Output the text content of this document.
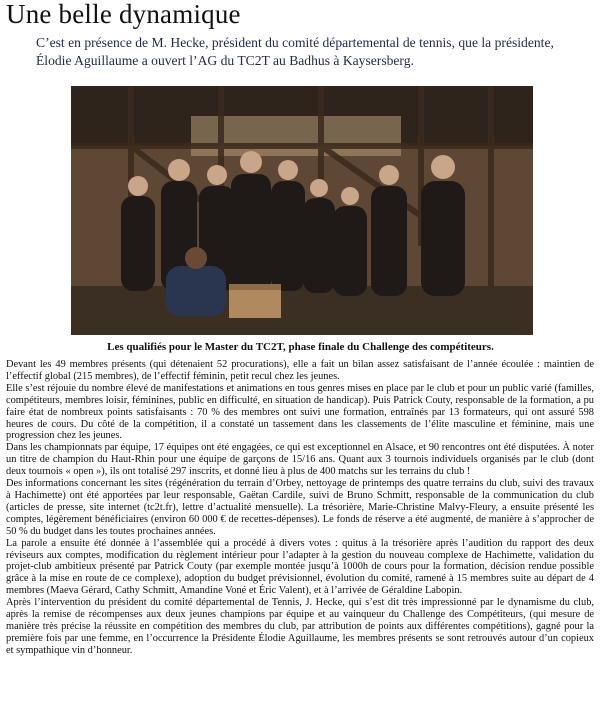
Une belle dynamique

C’est en présence de M. Hecke, président du comité départemental de tennis, que la présidente, Élodie Aguillaume a ouvert l’AG du TC2T au Badhus à Kaysersberg.

Les qualifiés pour le Master du TC2T, phase finale du Challenge des compétiteurs.

Devant les 49 membres présents (qui détenaient 52 procurations), elle a fait un bilan assez satisfaisant de l’année écoulée : maintien de l’effectif global (215 membres), de l’effectif féminin, petit recul chez les jeunes.

Elle s’est réjouie du nombre élevé de manifestations et animations en tous genres mises en place par le club et pour un public varié (familles, compétiteurs, membres loisir, féminines, public en difficulté, en situation de handicap). Puis Patrick Couty, responsable de la formation, a pu faire état de nombreux points satisfaisants : 70 % des membres ont suivi une formation, entraînés par 13 formateurs, qui ont assuré 598 heures de cours. Du côté de la compétition, il a constaté un tassement dans les classements de l’élite masculine et féminine, mais une progression chez les jeunes.

Dans les championnats par équipe, 17 équipes ont été engagées, ce qui est exceptionnel en Alsace, et 90 rencontres ont été disputées. À noter un titre de champion du Haut-Rhin pour une équipe de garçons de 15/16 ans. Quant aux 3 tournois individuels organisés par le club (dont deux tournois « open »), ils ont totalisé 297 inscrits, et donné lieu à plus de 400 matchs sur les terrains du club !

Des informations concernant les sites (régénération du terrain d’Orbey, nettoyage de printemps des quatre terrains du club, suivi des travaux à Hachimette) ont été apportées par leur responsable, Gaëtan Cardile, suivi de Bruno Schmitt, responsable de la communication du club (articles de presse, site internet (tc2t.fr), lettre d’actualité mensuelle). La trésorière, Marie-Christine Malvy-Fleury, a ensuite présenté les comptes, légèrement bénéficiaires (environ 60 000 € de recettes-dépenses). Le fonds de réserve a été augmenté, de manière à s’approcher de 50 % du budget dans les toutes prochaines années.

La parole a ensuite été donnée à l’assemblée qui a procédé à divers votes : quitus à la trésorière après l’audition du rapport des deux réviseurs aux comptes, modification du règlement intérieur pour l’adapter à la gestion du nouveau complexe de Hachimette, validation du projet-club ambitieux présenté par Patrick Couty (par exemple montée jusqu’à 1000h de cours pour la formation, décision rendue possible grâce à la mise en route de ce complexe), adoption du budget prévisionnel, évolution du comité, ramené à 15 membres suite au départ de 4 membres (Maeva Gérard, Cathy Schmitt, Amandine Voné et Éric Valent), et à l’arrivée de Géraldine Labopin.

Après l’intervention du président du comité départemental de Tennis, J. Hecke, qui s’est dit très impressionné par le dynamisme du club, après la remise de récompenses aux deux jeunes champions par équipe et au vainqueur du Challenge des Compétiteurs, (qui mesure de manière très précise la réussite en compétition des membres du club, par attribution de points aux différentes compétitions), gagné pour la première fois par une femme, en l’occurrence la Présidente Élodie Aguillaume, les membres présents se sont retrouvés autour d’un copieux et sympathique vin d’honneur.
